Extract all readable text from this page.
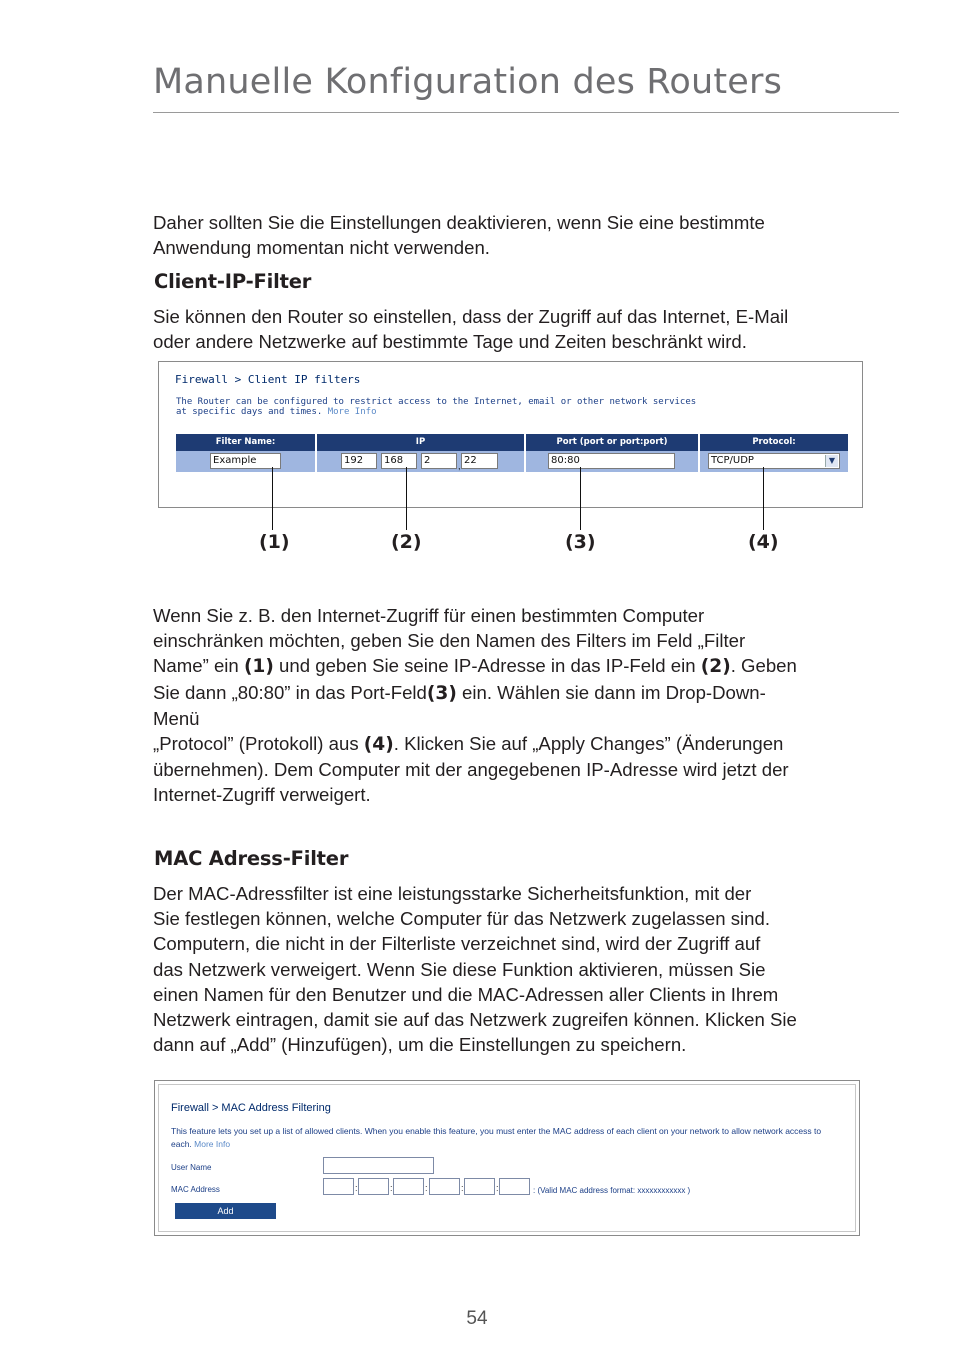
Manuelle Konfiguration des Routers

Daher sollten Sie die Einstellungen deaktivieren, wenn Sie eine bestimmte
Anwendung momentan nicht verwenden.

Client-IP-Filter

Sie können den Router so einstellen, dass der Zugriff auf das Internet, E-Mail
oder andere Netzwerke auf bestimmte Tage und Zeiten beschränkt wird.

Firewall > Client IP filters
The Router can be configured to restrict access to the Internet, email or other network services
at specific days and times. More Info
Filter Name:	IP	Port (port or port:port)	Protocol:
Example	192	168	2	, 22	80:80	TCP/UDP	▼
(1)	(2)	(3)	(4)

Wenn Sie z. B. den Internet-Zugriff für einen bestimmten Computer
einschränken möchten, geben Sie den Namen des Filters im Feld „Filter
Name” ein (1) und geben Sie seine IP-Adresse in das IP-Feld ein (2). Geben
Sie dann „80:80” in das Port-Feld(3) ein. Wählen sie dann im Drop-Down-
Menü
„Protocol” (Protokoll) aus (4). Klicken Sie auf „Apply Changes” (Änderungen
übernehmen). Dem Computer mit der angegebenen IP-Adresse wird jetzt der
Internet-Zugriff verweigert.

MAC Adress-Filter

Der MAC-Adressfilter ist eine leistungsstarke Sicherheitsfunktion, mit der
Sie festlegen können, welche Computer für das Netzwerk zugelassen sind.
Computern, die nicht in der Filterliste verzeichnet sind, wird der Zugriff auf
das Netzwerk verweigert. Wenn Sie diese Funktion aktivieren, müssen Sie
einen Namen für den Benutzer und die MAC-Adressen aller Clients in Ihrem
Netzwerk eintragen, damit sie auf das Netzwerk zugreifen können. Klicken Sie
dann auf „Add” (Hinzufügen), um die Einstellungen zu speichern.

Firewall > MAC Address Filtering
This feature lets you set up a list of allowed clients. When you enable this feature, you must enter the MAC address of each client on your network to allow network access to
each. More Info
User Name
MAC Address	:	:	:	:	:	: (Valid MAC address format: xxxxxxxxxxxx )
Add
54
